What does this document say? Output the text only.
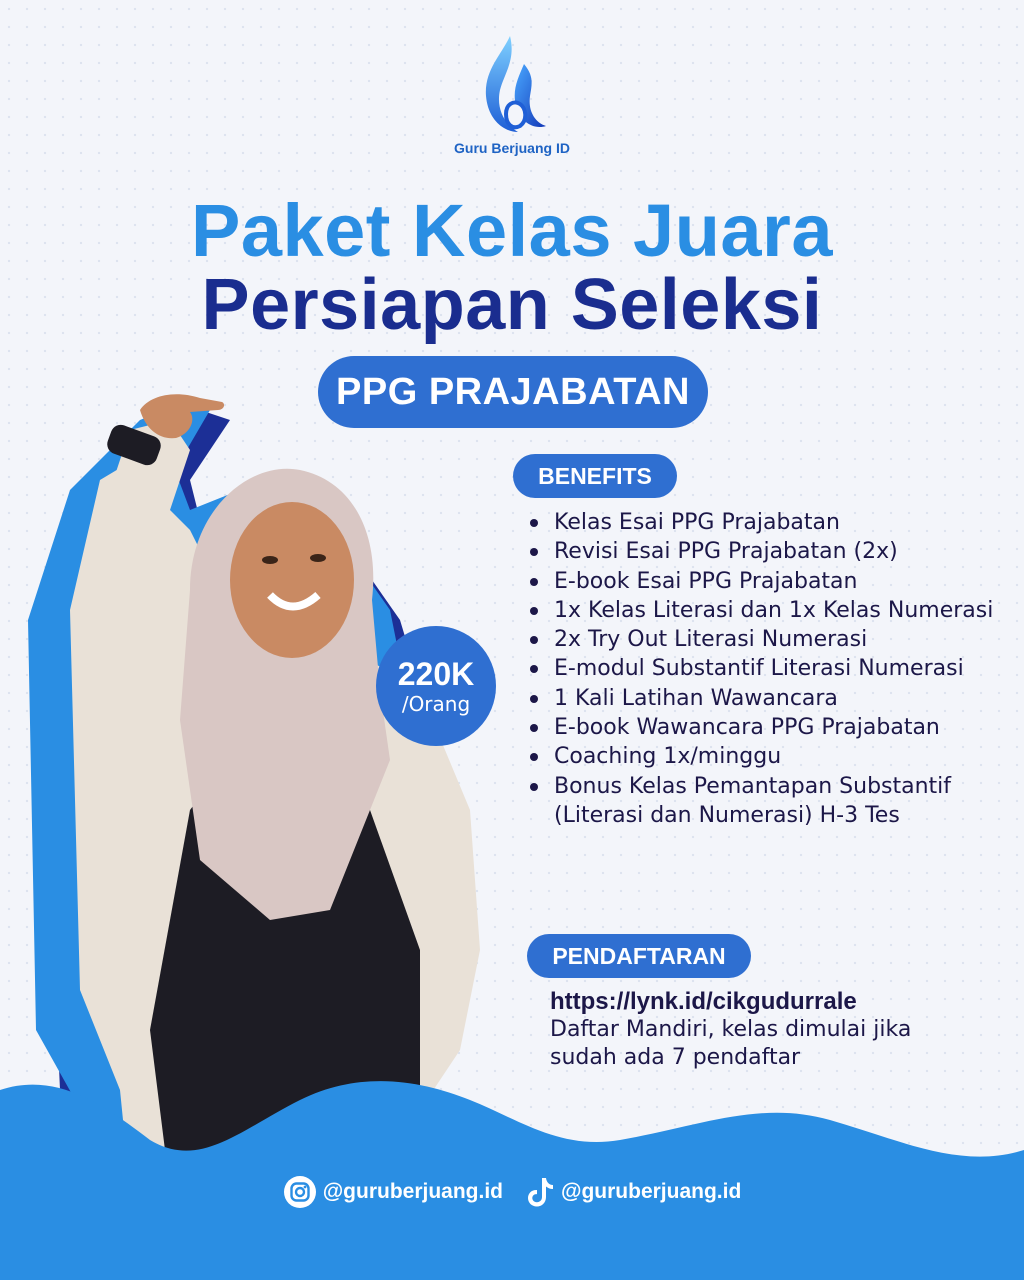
Guru Berjuang ID
Paket Kelas Juara
Persiapan Seleksi
PPG PRAJABATAN
220K
/Orang
BENEFITS
Kelas Esai PPG Prajabatan
Revisi Esai PPG Prajabatan (2x)
E-book Esai PPG Prajabatan
1x Kelas Literasi dan 1x Kelas Numerasi
2x Try Out Literasi Numerasi
E-modul Substantif Literasi Numerasi
1 Kali Latihan Wawancara
E-book Wawancara PPG Prajabatan
Coaching 1x/minggu
Bonus Kelas Pemantapan Substantif (Literasi dan Numerasi) H-3 Tes
PENDAFTARAN
https://lynk.id/cikgudurrale
Daftar Mandiri, kelas dimulai jika sudah ada 7 pendaftar
@guruberjuang.id	@guruberjuang.id
